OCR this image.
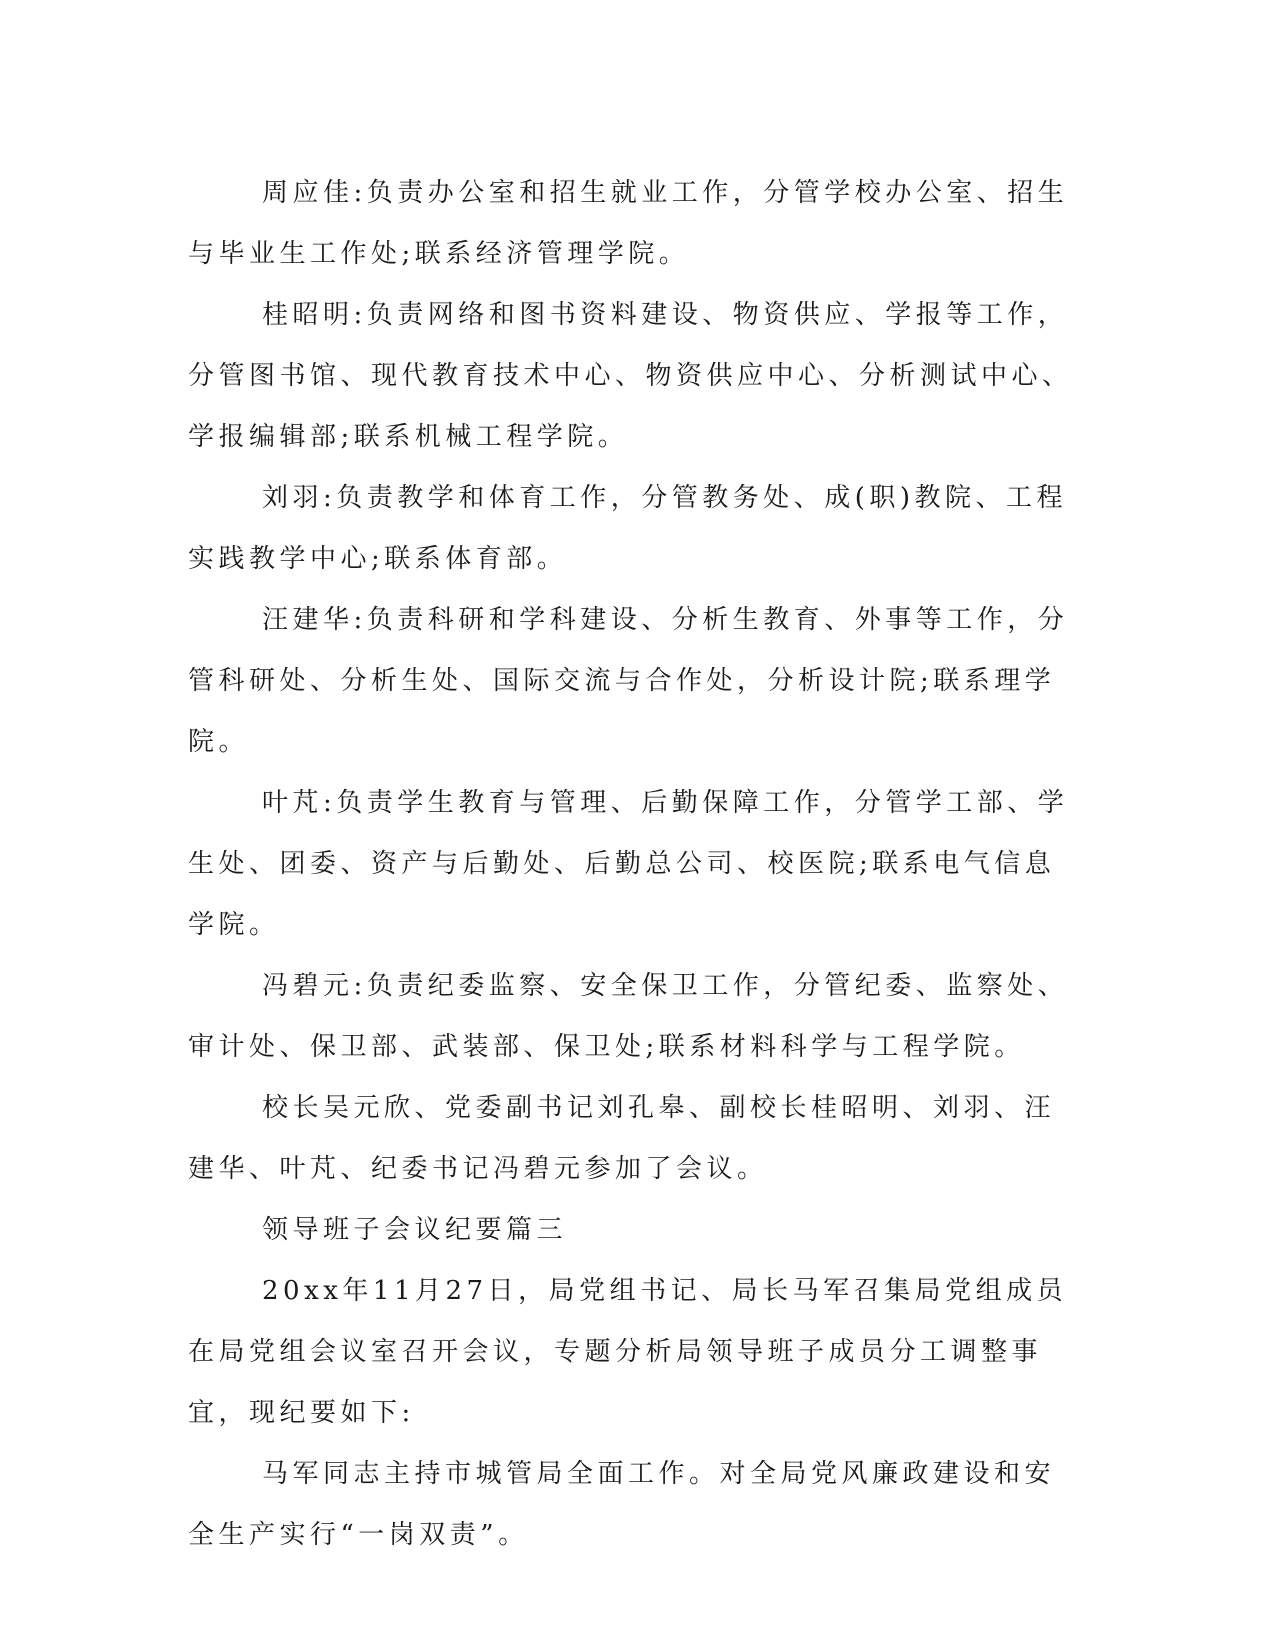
周应佳:负责办公室和招生就业工作，分管学校办公室、招生与毕业生工作处;联系经济管理学院。

桂昭明:负责网络和图书资料建设、物资供应、学报等工作，分管图书馆、现代教育技术中心、物资供应中心、分析测试中心、学报编辑部;联系机械工程学院。

刘羽:负责教学和体育工作，分管教务处、成(职)教院、工程实践教学中心;联系体育部。

汪建华:负责科研和学科建设、分析生教育、外事等工作，分管科研处、分析生处、国际交流与合作处，分析设计院;联系理学院。

叶芃:负责学生教育与管理、后勤保障工作，分管学工部、学生处、团委、资产与后勤处、后勤总公司、校医院;联系电气信息学院。

冯碧元:负责纪委监察、安全保卫工作，分管纪委、监察处、审计处、保卫部、武装部、保卫处;联系材料科学与工程学院。

校长吴元欣、党委副书记刘孔皋、副校长桂昭明、刘羽、汪建华、叶芃、纪委书记冯碧元参加了会议。

领导班子会议纪要篇三

20xx年11月27日，局党组书记、局长马军召集局党组成员在局党组会议室召开会议，专题分析局领导班子成员分工调整事宜，现纪要如下:

马军同志主持市城管局全面工作。对全局党风廉政建设和安全生产实行“一岗双责”。
